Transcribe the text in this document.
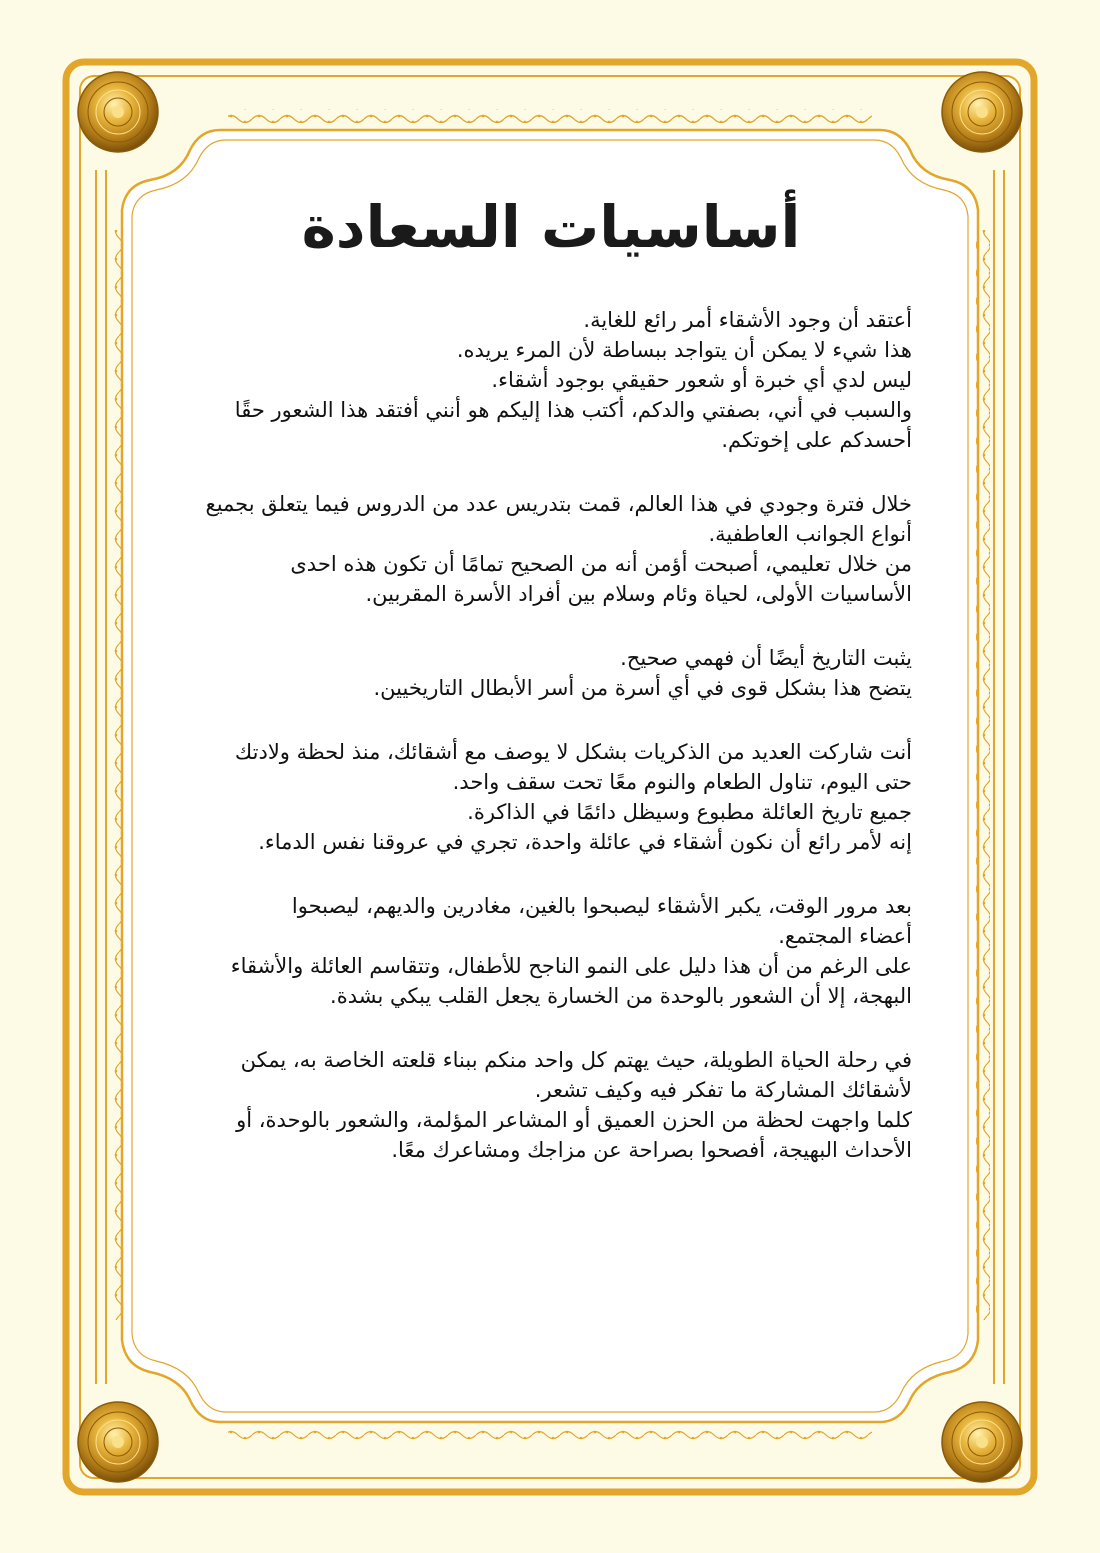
أساسيات السعادة
أعتقد أن وجود الأشقاء أمر رائع للغاية.
هذا شيء لا يمكن أن يتواجد ببساطة لأن المرء يريده.
ليس لدي أي خبرة أو شعور حقيقي بوجود أشقاء.
والسبب في أني، بصفتي والدكم، أكتب هذا إليكم هو أنني أفتقد هذا الشعور حقًا
أحسدكم على إخوتكم.
خلال فترة وجودي في هذا العالم، قمت بتدريس عدد من الدروس فيما يتعلق بجميع
أنواع الجوانب العاطفية.
من خلال تعليمي، أصبحت أؤمن أنه من الصحيح تمامًا أن تكون هذه احدى
الأساسيات الأولى، لحياة وئام وسلام بين أفراد الأسرة المقربين.
يثبت التاريخ أيضًا أن فهمي صحيح.
يتضح هذا بشكل قوى في أي أسرة من أسر الأبطال التاريخيين.
أنت شاركت العديد من الذكريات بشكل لا يوصف مع أشقائك، منذ لحظة ولادتك
حتى اليوم، تناول الطعام والنوم معًا تحت سقف واحد.
جميع تاريخ العائلة مطبوع وسيظل دائمًا في الذاكرة.
إنه لأمر رائع أن نكون أشقاء في عائلة واحدة، تجري في عروقنا نفس الدماء.
بعد مرور الوقت، يكبر الأشقاء ليصبحوا بالغين، مغادرين والديهم، ليصبحوا
أعضاء المجتمع.
على الرغم من أن هذا دليل على النمو الناجح للأطفال، وتتقاسم العائلة والأشقاء
البهجة، إلا أن الشعور بالوحدة من الخسارة يجعل القلب يبكي بشدة.
في رحلة الحياة الطويلة، حيث يهتم كل واحد منكم ببناء قلعته الخاصة به، يمكن
لأشقائك المشاركة ما تفكر فيه وكيف تشعر.
كلما واجهت لحظة من الحزن العميق أو المشاعر المؤلمة، والشعور بالوحدة، أو
الأحداث البهيجة، أفصحوا بصراحة عن مزاجك ومشاعرك معًا.
